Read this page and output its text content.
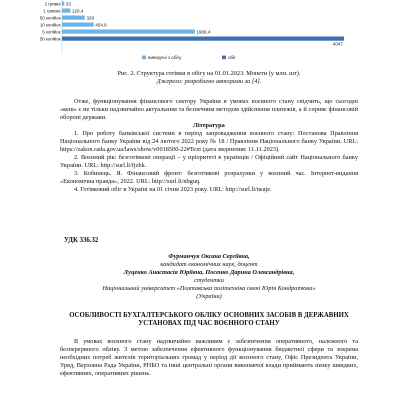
2 гривні 33
1 гривня 120,4
50 копійок	328
10 копійок	454,8
5 копійок	1906,4
50 копійок
4047
виведені з обігу	обіг
Рис. 2. Структура готівки в обігу на 01.01.2023. Монети (у млн. шт).
Джерело: розроблено авторами за [4].
Отже, функціонування фінансового сектору України в умовах воєнного стану свідчить, що сьогодні «кеш» є не тільки надзвичайно актуальним та безпечним методом здійснення платежів, а й сприяє фінансовій обороні держави.
Література

1. Про роботу банківської системи в період запровадження воєнного стану: Постанова Правління Національного банку України від 24 лютого 2022 року № 18 / Правління Національного банку України. URL: https://zakon.rada.gov.ua/laws/show/v0018500-22#Text (дата звернення: 11.11.2023).

2. Воєнний рік: безготівкові операції – у пріоритеті в українців / Офіційний сайт Національного банку України. URL: http://surl.li/fjzhk.

3. Кобинець. Я. Фінансовий фронт: безготівкові розрахунки у воєнний час. Інтернет-видання «Економічна правда», 2022. URL: http://surl.li/nbguq.

4. Готівковий обіг в Україні на 01 січня 2023 року. URL: http://surl.li/neaje.

УДК 336.32
Фурманчук Оксана Сергіївна,
кандидат економічних наук, доцент
Луценко Анастасія Юріївна, Посенко Дарина Олександрівна,
студентки
Національний університет «Полтавська політехніка імені Юрія Кондратюка»
(Україна)
ОСОБЛИВОСТІ БУХГАЛТЕРСЬКОГО ОБЛІКУ ОСНОВНИХ ЗАСОБІВ В ДЕРЖАВНИХ УСТАНОВАХ ПІД ЧАС ВОЄННОГО СТАНУ
В умовах воєнного стану надзвичайно важливим є забезпечення оперативного, належного та безперервного обліку. З метою забезпечення ефективного функціонування бюджетної сфери та зокрема необхідних потреб жителів територіальних громад у період дії воєнного стану, Офіс Президента України, Уряд, Верховна Рада України, РНБО та інші центральні органи виконавчої влади приймають низку швидких, ефективних, оперативних рішень.
